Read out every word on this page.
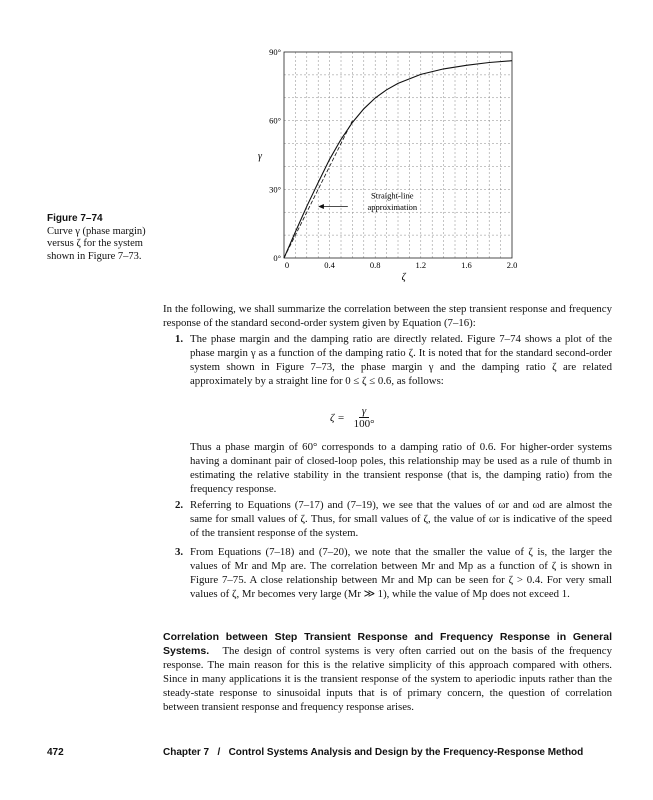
0°
30°
60°
90°
0	0.4	0.8	1.2	1.6	2.0
ζ
γ
Straight-line
approximation
Figure 7–74
Curve γ (phase margin) versus ζ for the system shown in Figure 7–73.

In the following, we shall summarize the correlation between the step transient response and frequency response of the standard second-order system given by Equation (7–16):

1. The phase margin and the damping ratio are directly related. Figure 7–74 shows a plot of the phase margin γ as a function of the damping ratio ζ. It is noted that for the standard second-order system shown in Figure 7–73, the phase margin γ and the damping ratio ζ are related approximately by a straight line for 0 ≤ ζ ≤ 0.6, as follows:
$\zeta = \frac{\gamma}{100^\circ}$
Thus a phase margin of 60° corresponds to a damping ratio of 0.6. For higher-order systems having a dominant pair of closed-loop poles, this relationship may be used as a rule of thumb in estimating the relative stability in the transient response (that is, the damping ratio) from the frequency response.
2. Referring to Equations (7–17) and (7–19), we see that the values of ωr and ωd are almost the same for small values of ζ. Thus, for small values of ζ, the value of ωr is indicative of the speed of the transient response of the system.
3. From Equations (7–18) and (7–20), we note that the smaller the value of ζ is, the larger the values of Mr and Mp are. The correlation between Mr and Mp as a function of ζ is shown in Figure 7–75. A close relationship between Mr and Mp can be seen for ζ > 0.4. For very small values of ζ, Mr becomes very large (Mr ≫ 1), while the value of Mp does not exceed 1.

Correlation between Step Transient Response and Frequency Response in General Systems. The design of control systems is very often carried out on the basis of the frequency response. The main reason for this is the relative simplicity of this approach compared with others. Since in many applications it is the transient response of the system to aperiodic inputs rather than the steady-state response to sinusoidal inputs that is of primary concern, the question of correlation between transient response and frequency response arises.

472	Chapter 7   /   Control Systems Analysis and Design by the Frequency-Response Method
